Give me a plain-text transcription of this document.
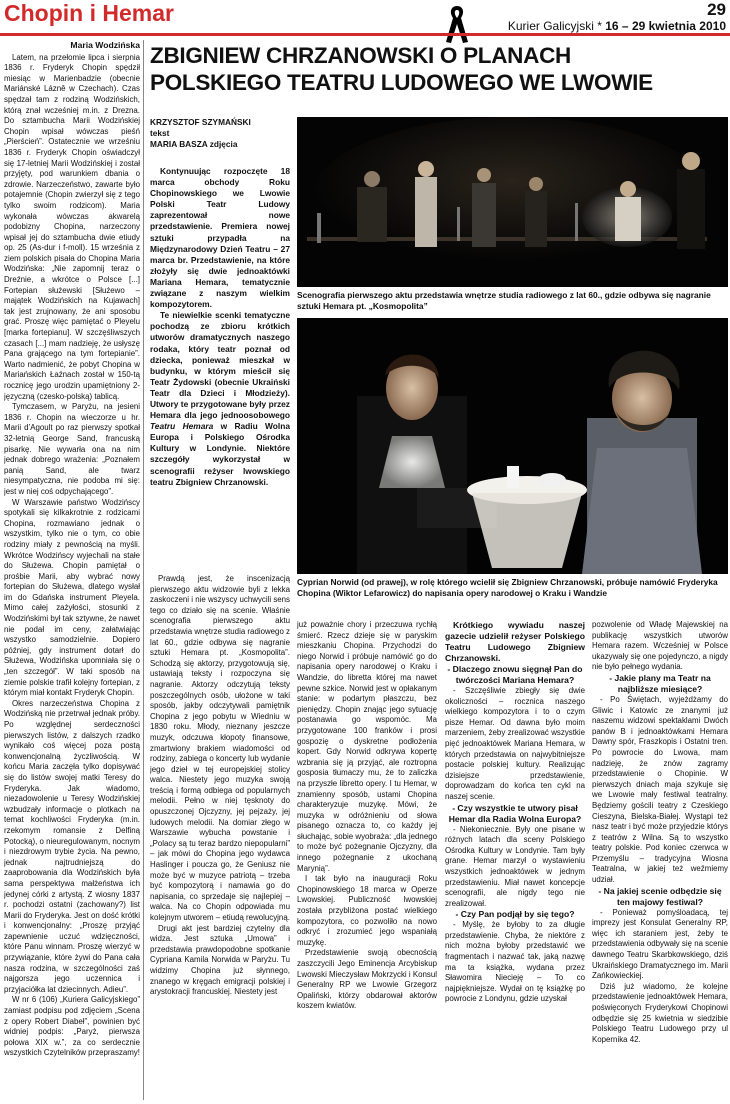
Chopin i Hemar	29
Kurier Galicyjski * 16 – 29 kwietnia 2010
Maria Wodzińska

Latem, na przełomie lipca i sierpnia 1836 r. Fryderyk Chopin spędził miesiąc w Marienbadzie (obecnie Mariánské Lázně w Czechach). Czas spędzał tam z rodziną Wodzińskich, którą znał wcześniej m.in. z Drezna. Do sztambucha Marii Wodzińskiej Chopin wpisał wówczas pieśń „Pierścień”. Ostatecznie we wrześniu 1836 r. Fryderyk Chopin oświadczył się 17-letniej Marii Wodzińskiej i został przyjęty, pod warunkiem dbania o zdrowie. Narzeczeństwo, zawarte było potajemnie (Chopin zwierzył się z tego tylko swoim rodzicom). Maria wykonała wówczas akwarelą podobizny Chopina, narzeczony wpisał jej do sztambucha dwie etiudy op. 25 (As-dur i f-moll). 15 września z ziem polskich pisała do Chopina Maria Wodzińska: „Nie zapomnij teraz o Dreźnie, a wkrótce o Polsce [...] Fortepian służewski [Służewo – majątek Wodzińskich na Kujawach] tak jest zrujnowany, że ani sposobu grać. Proszę więc pamiętać o Pleyelu [marka fortepianu]. W szczęśliwszych czasach [...] mam nadzieję, że usłyszę Pana grającego na tym fortepianie”. Warto nadmienić, że pobyt Chopina w Mariańskich Łaźnach został w 150-tą rocznicę jego urodzin upamiętniony 2-języczną (czesko-polską) tablicą.

Tymczasem, w Paryżu, na jesieni 1836 r. Chopin na wieczorze u hr. Marii d’Agoult po raz pierwszy spotkał 32-letnią George Sand, francuską pisarkę. Nie wywarła ona na nim jednak dobrego wrażenia: „Poznałem panią Sand, ale twarz niesympatyczna, nie podoba mi się: jest w niej coś odpychającego”.

W Warszawie państwo Wodzińscy spotykali się kilkakrotnie z rodzicami Chopina, rozmawiano jednak o wszystkim, tylko nie o tym, co obie rodziny miały z pewnością na myśli. Wkrótce Wodzińscy wyjechali na stałe do Służewa. Chopin pamiętał o prośbie Marii, aby wybrać nowy fortepian do Służewa, dlatego wysłał im do Gdańska instrument Pleyela. Mimo całej zażyłości, stosunki z Wodzińskimi był tak sztywne, że nawet nie podał im ceny, załatwiając wszystko samodzielnie. Dopiero później, gdy instrument dotarł do Służewa, Wodzińska upomniała się o „ten szczegół”. W taki sposób na ziemie polskie trafił kolejny fortepian, z którym miał kontakt Fryderyk Chopin.

Okres narzeczeństwa Chopina z Wodzińską nie przetrwał jednak próby. Po względnej serdeczności pierwszych listów, z dalszych rzadko wynikało coś więcej poza postą konwencjonalną życzliwością. W końcu Maria zaczęła tylko dopisywać się do listów swojej matki Teresy do Fryderyka. Jak wiadomo, niezadowolenie u Teresy Wodzińskiej wzbudzały informacje o plotkach na temat kochliwości Fryderyka (m.in. rzekomym romansie z Delfiną Potocką), o nieuregulowanym, nocnym i niezdrowym trybie życia. Na pewno, jednak najtrudniejszą do zaaprobowania dla Wodzińskich była sama perspektywa małżeństwa ich jedynej córki z artystą. Z wiosny 1837 r. pochodzi ostatni (zachowany?) list Marii do Fryderyka. Jest on dość krótki i konwencjonalny: „Proszę przyjąć zapewnienie uczuć wdzięczności, które Panu winnam. Proszę wierzyć w przywiązanie, które żywi do Pana cała nasza rodzina, w szczególności zaś najgorsza jego uczennica i przyjaciółka lat dziecinnych. Adieu”.

W nr 6 (106) „Kuriera Galicyjskiego” zamiast podpisu pod zdjęciem „Scena z opery Robert Diabeł”, powinien być widniej podpis: „Paryż, pierwsza połowa XIX w.”, za co serdecznie wszystkich Czytelników przepraszamy!

ZBIGNIEW CHRZANOWSKI O PLANACH
POLSKIEGO TEATRU LUDOWEGO WE LWOWIE
KRZYSZTOF SZYMAŃSKI
tekst
MARIA BASZA zdjęcia

Kontynuując rozpoczęte 18 marca obchody Roku Chopinowskiego we Lwowie Polski Teatr Ludowy zaprezentował nowe przedstawienie. Premiera nowej sztuki przypadła na Międzynarodowy Dzień Teatru – 27 marca br. Przedstawienie, na które złożyły się dwie jednoaktówki Mariana Hemara, tematycznie związane z naszym wielkim kompozytorem.

Te niewielkie scenki tematyczne pochodzą ze zbioru krótkich utworów dramatycznych naszego rodaka, który teatr poznał od dziecka, ponieważ mieszkał w budynku, w którym mieścił się Teatr Żydowski (obecnie Ukraiński Teatr dla Dzieci i Młodzieży). Utwory te przygotowane były przez Hemara dla jego jednoosobowego Teatru Hemara w Radiu Wolna Europa i Polskiego Ośrodka Kultury w Londynie. Niektóre szczegóły wykorzystał w scenografii reżyser lwowskiego teatru Zbigniew Chrzanowski.

Scenografia pierwszego aktu przedstawia wnętrze studia radiowego z lat 60., gdzie odbywa się nagranie sztuki Hemara pt. „Kosmopolita”
Cyprian Norwid (od prawej), w rolę którego wcielił się Zbigniew Chrzanowski, próbuje namówić Fryderyka Chopina (Wiktor Lefarowicz) do napisania opery narodowej o Kraku i Wandzie

Prawdą jest, że inscenizacją pierwszego aktu widzowie byli z lekka zaskoczeni i nie wszyscy uchwycili sens tego co działo się na scenie. Właśnie scenografia pierwszego aktu przedstawia wnętrze studia radiowego z lat 60., gdzie odbywa się nagranie sztuki Hemara pt. „Kosmopolita”. Schodzą się aktorzy, przygotowują się, ustawiają teksty i rozpoczyna się nagranie. Aktorzy odczytują teksty poszczególnych osób, ułożone w taki sposób, jakby odczytywali pamiętnik Chopina z jego pobytu w Wiedniu w 1830 roku. Młody, nieznany jeszcze muzyk, odczuwa kłopoty finansowe, zmartwiony brakiem wiadomości od rodziny, zabiega o koncerty lub wydanie jego dzieł w tej europejskiej stolicy walca. Niestety jego muzyka swoją treścią i formą odbiega od popularnych melodii. Pełno w niej tęsknoty do opuszczonej Ojczyzny, jej pejzaży, jej ludowych melodii. Na domiar złego w Warszawie wybucha powstanie i „Polacy są tu teraz bardzo niepopularni” – jak mówi do Chopina jego wydawca Haslinger i poucza go, że Geniusz nie może być w muzyce patriotą – trzeba być kompozytorą i namawia go do napisania, co sprzedaje się najlepiej – walca. Na co Chopin odpowiada mu kolejnym utworem – etiudą rewolucyjną.

Drugi akt jest bardziej czytelny dla widza. Jest sztuka „Umowa” i przedstawia prawdopodobne spotkanie Cypriana Kamila Norwida w Paryżu. Tu widzimy Chopina już słynnego, znanego w kręgach emigracji polskiej i arystokracji francuskiej. Niestety jest

już poważnie chory i przeczuwa rychłą śmierć. Rzecz dzieje się w paryskim mieszkaniu Chopina. Przychodzi do niego Norwid i próbuje namówić go do napisania opery narodowej o Kraku i Wandzie, do libretta której ma nawet pewne szkice. Norwid jest w opłakanym stanie: w podartym płaszczu, bez pieniędzy. Chopin znając jego sytuację postanawia go wspomóc. Ma przygotowane 100 franków i prosi gospozię o dyskretne podłożenia kopert. Gdy Norwid odkrywa kopertę wzbrania się ją przyjąć, ale roztropna gosposia tłumaczy mu, że to zaliczka na przyszłe libretto opery. I tu Hemar, w znamienny sposób, ustami Chopina charakteryzuje muzykę. Mówi, że muzyka w odróżnieniu od słowa pisanego oznacza to, co każdy jej słuchając, sobie wyobraża: „dla jednego to może być pożegnanie Ojczyzny, dla innego pożegnanie z ukochaną Marynią”.

I tak było na inauguracji Roku Chopinowskiego 18 marca w Operze Lwowskiej. Publiczność lwowskiej została przybliżona postać wielkiego kompozytora, co pozwoliło na nowo odkryć i zrozumieć jego wspaniałą muzykę.

Przedstawienie swoją obecnością zaszczycili Jego Eminencja Arcybiskup Lwowski Mieczysław Mokrzycki i Konsul Generalny RP we Lwowie Grzegorz Opaliński, którzy obdarował aktorów koszem kwiatów.

Krótkiego wywiadu naszej gazecie udzielił reżyser Polskiego Teatru Ludowego Zbigniew Chrzanowski.

- Dlaczego znowu sięgnął Pan do twórczości Mariana Hemara?

- Szczęśliwie zbiegły się dwie okoliczności – rocznica naszego wielkiego kompozytora i to o czym pisze Hemar. Od dawna było moim marzeniem, żeby zrealizować wszystkie pięć jednoaktówek Mariana Hemara, w których przedstawia on najwybitniejsze postacie polskiej kultury. Realizując dzisiejsze przedstawienie, doprowadzam do końca ten cykl na naszej scenie.

- Czy wszystkie te utwory pisał Hemar dla Radia Wolna Europa?

- Niekoniecznie. Były one pisane w różnych latach dla sceny Polskiego Ośrodka Kultury w Londynie. Tam były grane. Hemar marzył o wystawieniu wszystkich jednoaktówek w jednym przedstawieniu. Miał nawet koncepcje scenografii, ale nigdy tego nie zrealizował.

- Czy Pan podjął by się tego?

- Myślę, że byłoby to za długie przedstawienie. Chyba, że niektóre z nich można byłoby przedstawić we fragmentach i nazwać tak, jaką nazwę ma ta książka, wydana przez Sławomira Niecieję – To co najpiękniejsze. Wydał on tę książkę po powrocie z Londynu, gdzie uzyskał

pozwolenie od Władę Majewskiej na publikację wszystkich utworów Hemara razem. Wcześniej w Polsce ukazywały się one pojedynczo, a nigdy nie było pełnego wydania.

- Jakie plany ma Teatr na najbliższe miesiące?

- Po Świętach, wyjeżdżamy do Gliwic i Katowic ze znanymi już naszemu widzowi spektaklami Dwóch panów B i jednoaktówkami Hemara Dawny spór, Fraszkopis i Ostatni tren. Po powrocie do Lwowa, mam nadzieję, że znów zagramy przedstawienie o Chopinie. W pierwszych dniach maja szykuje się we Lwowie mały festiwal teatralny. Będziemy gościli teatry z Czeskiego Cieszyna, Bielska-Białej. Wystąpi też nasz teatr i być może przyjedzie którys z teatrów z Wilna. Są to wszystko teatry polskie. Pod koniec czerwca w Przemyślu – tradycyjna Wiosna Teatralna, w jakiej też weźmiemy udział.

- Na jakiej scenie odbędzie się ten majowy festiwal?

- Ponieważ pomyśloadacą, tej imprezy jest Konsulat Generalny RP, więc ich staraniem jest, żeby te przedstawienia odbywały się na scenie dawnego Teatru Skarbkowskiego, dziś Ukraińskiego Dramatycznego im. Marii Zańkowieckiej.

Dziś już wiadomo, że kolejne przedstawienie jednoaktówek Hemara, poświęconych Fryderykowi Chopinowi odbędzie się 25 kwietnia w siedzibie Polskiego Teatru Ludowego przy ul Kopernika 42.
